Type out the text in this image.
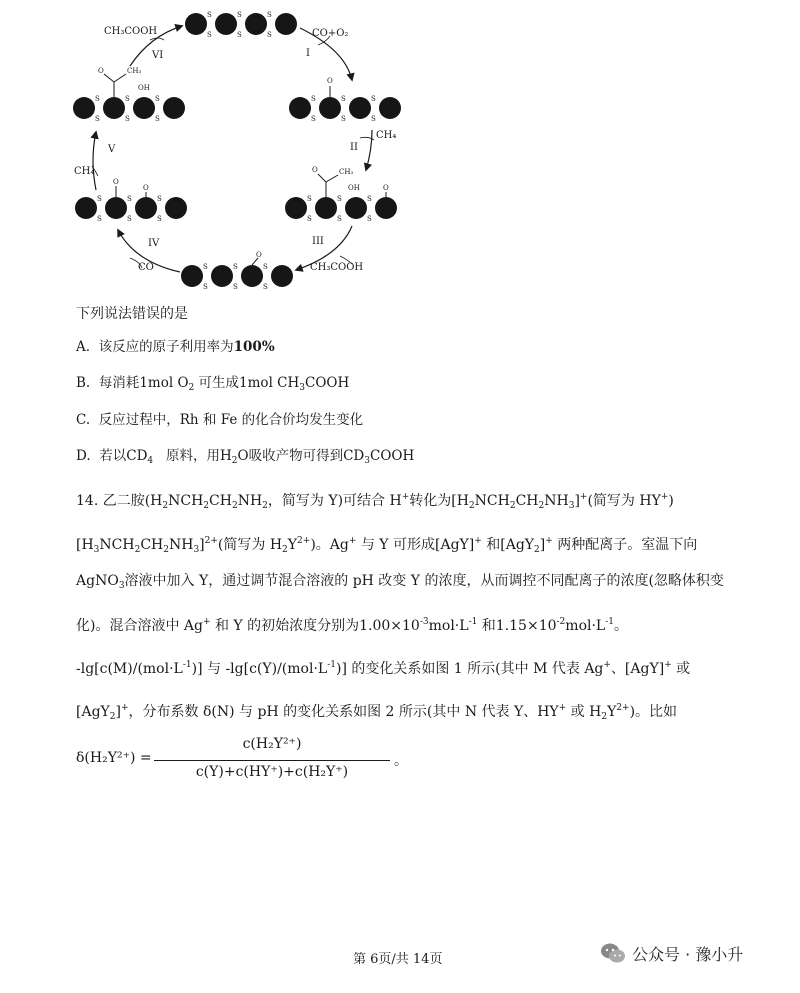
S
S
S
S
S
S
O
S
S
S
S
S
S
O	CH₃
OH	O
S
S
S
S
S
S
O
S
S
S
S
S
S
O
O
S
S
S
S
S
S
O	CH₃
OH
S
S
S
S
S
S
I
CO+O₂
II
CH₄
III
CH₃COOH
IV
CO
V
CH₄
VI
CH₃COOH
下列说法错误的是
A. 该反应的原子利用率为100%
B. 每消耗1mol $O_2$ 可生成1mol $CH_3COOH$
C. 反应过程中，Rh 和 Fe 的化合价均发生变化
D. 若以$CD_4$ 原料，用$H_2O$吸收产物可得到$CD_3COOH$
14. 乙二胺($H_2NCH_2CH_2NH_2$，简写为 Y)可结合 H+转化为$[H_2NCH_2CH_2NH_3]^+$(简写为 HY+)
$[H_3NCH_2CH_2NH_3]^{2+}$(简写为 $H_2Y^{2+}$)。Ag+ 与 Y 可形成[AgY]+ 和[AgY$_2$]+ 两种配离子。室温下向
AgNO$_3$溶液中加入 Y，通过调节混合溶液的 pH 改变 Y 的浓度，从而调控不同配离子的浓度(忽略体积变
化)。混合溶液中 Ag+ 和 Y 的初始浓度分别为$1.00\times 10^{-3}mol\cdot L^{-1}$ 和$1.15\times 10^{-2}mol\cdot L^{-1}$。
$-\lg[c(M)/(mol\cdot L^{-1})]$ 与 $-\lg[c(Y)/(mol\cdot L^{-1})]$ 的变化关系如图 1 所示(其中 M 代表 Ag+、[AgY]+ 或
[AgY$_2$]+，分布系数 δ(N) 与 pH 的变化关系如图 2 所示(其中 N 代表 Y、HY+ 或 $H_2Y^{2+}$)。比如
δ(H₂Y²⁺) =
c(H₂Y²⁺)
c(Y)+c(HY⁺)+c(H₂Y⁺)
。
第 6页/共 14页	公众号 · 豫小升
